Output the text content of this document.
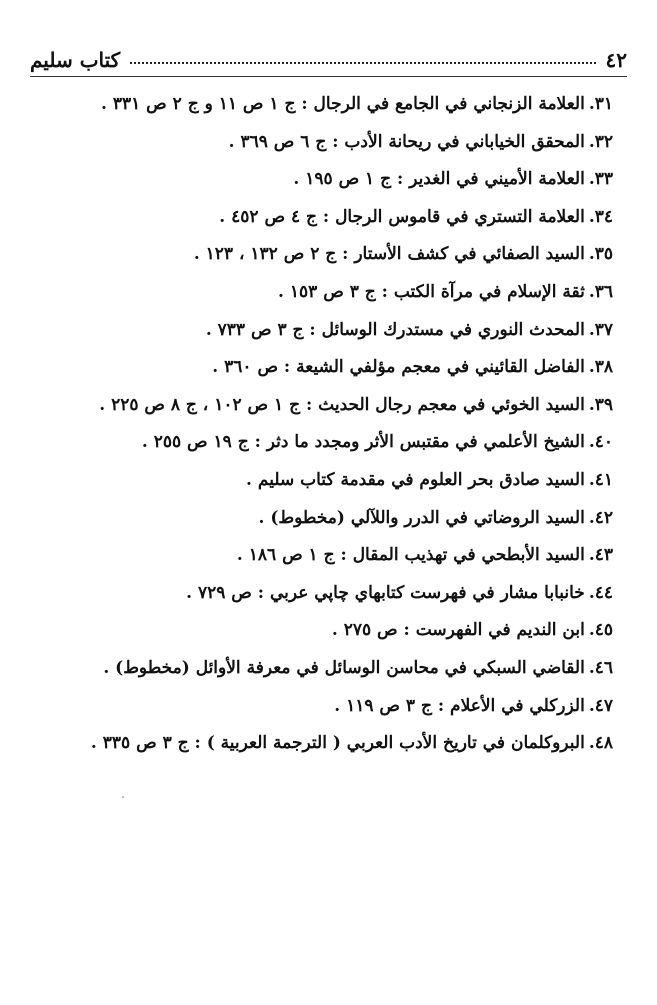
٤٢
كتاب سليم
٣١.العلامة الزنجاني في الجامع في الرجال : ج ١ ص ١١ و ج ٢ ص ٣٣١ .
٣٢.المحقق الخياباني في ريحانة الأدب : ج ٦ ص ٣٦٩ .
٣٣.العلامة الأميني في الغدير : ج ١ ص ١٩٥ .
٣٤.العلامة التستري في قاموس الرجال : ج ٤ ص ٤٥٢ .
٣٥.السيد الصفائي في كشف الأستار : ج ٢ ص ١٣٢ ، ١٢٣ .
٣٦.ثقة الإسلام في مرآة الكتب : ج ٣ ص ١٥٣ .
٣٧.المحدث النوري في مستدرك الوسائل : ج ٣ ص ٧٣٣ .
٣٨.الفاضل القائيني في معجم مؤلفي الشيعة : ص ٣٦٠ .
٣٩.السيد الخوئي في معجم رجال الحديث : ج ١ ص ١٠٢ ، ج ٨ ص ٢٢٥ .
٤٠.الشيخ الأعلمي في مقتبس الأثر ومجدد ما دثر : ج ١٩ ص ٢٥٥ .
٤١.السيد صادق بحر العلوم في مقدمة كتاب سليم .
٤٢.السيد الروضاتي في الدرر واللآلي (مخطوط) .
٤٣.السيد الأبطحي في تهذيب المقال : ج ١ ص ١٨٦ .
٤٤.خانبابا مشار في فهرست كتابهاي چاپي عربي : ص ٧٢٩ .
٤٥.ابن النديم في الفهرست : ص ٢٧٥ .
٤٦.القاضي السبكي في محاسن الوسائل في معرفة الأوائل (مخطوط) .
٤٧.الزركلي في الأعلام : ج ٣ ص ١١٩ .
٤٨.البروكلمان في تاريخ الأدب العربي ( الترجمة العربية ) : ج ٣ ص ٣٣٥ .
